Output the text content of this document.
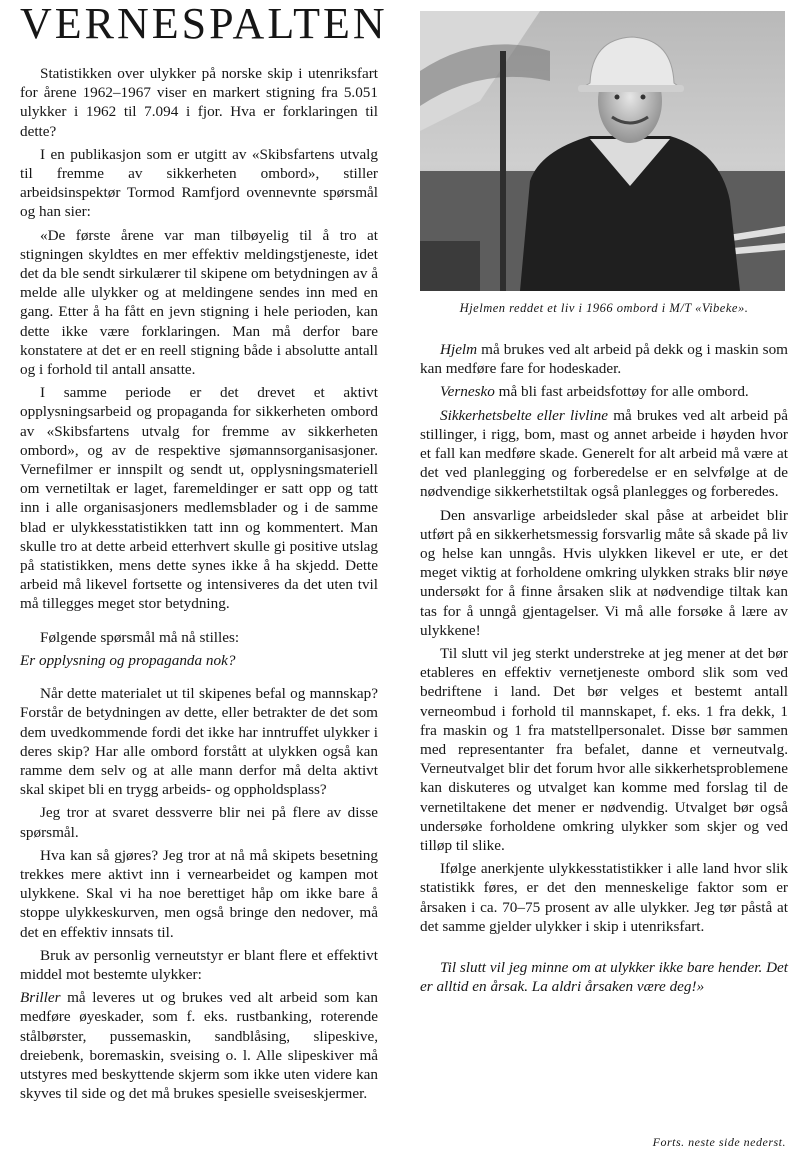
VERNESPALTEN

Statistikken over ulykker på norske skip i utenriksfart for årene 1962–1967 viser en markert stigning fra 5.051 ulykker i 1962 til 7.094 i fjor. Hva er forklaringen til dette?

I en publikasjon som er utgitt av «Skibsfartens utvalg til fremme av sikkerheten ombord», stiller arbeidsinspektør Tormod Ramfjord ovennevnte spørsmål og han sier:

«De første årene var man tilbøyelig til å tro at stigningen skyldtes en mer effektiv meldingstjeneste, idet det da ble sendt sirkulærer til skipene om betydningen av å melde alle ulykker og at meldingene sendes inn med en gang. Etter å ha fått en jevn stigning i hele perioden, kan dette ikke være forklaringen. Man må derfor bare konstatere at det er en reell stigning både i absolutte antall og i forhold til antall ansatte.

I samme periode er det drevet et aktivt opplysningsarbeid og propaganda for sikkerheten ombord av «Skibsfartens utvalg for fremme av sikkerheten ombord», og av de respektive sjømannsorganisasjoner. Vernefilmer er innspilt og sendt ut, opplysningsmateriell om vernetiltak er laget, faremeldinger er satt opp og tatt inn i alle organisasjoners medlemsblader og i de samme blad er ulykkesstatistikken tatt inn og kommentert. Man skulle tro at dette arbeid etterhvert skulle gi positive utslag på statistikken, mens dette synes ikke å ha skjedd. Dette arbeid må likevel fortsette og intensiveres da det uten tvil må tillegges meget stor betydning.

Følgende spørsmål må nå stilles:

Er opplysning og propaganda nok?

Når dette materialet ut til skipenes befal og mannskap? Forstår de betydningen av dette, eller betrakter de det som dem uvedkommende fordi det ikke har inntruffet ulykker i deres skip? Har alle ombord forstått at ulykken også kan ramme dem selv og at alle mann derfor må delta aktivt skal skipet bli en trygg arbeids- og oppholdsplass?

Jeg tror at svaret dessverre blir nei på flere av disse spørsmål.

Hva kan så gjøres? Jeg tror at nå må skipets besetning trekkes mere aktivt inn i vernearbeidet og kampen mot ulykkene. Skal vi ha noe berettiget håp om ikke bare å stoppe ulykkeskurven, men også bringe den nedover, må det en effektiv innsats til.

Bruk av personlig verneutstyr er blant flere et effektivt middel mot bestemte ulykker:

Briller må leveres ut og brukes ved alt arbeid som kan medføre øyeskader, som f. eks. rustbanking, roterende stålbørster, pussemaskin, sandblåsing, slipeskive, dreiebenk, boremaskin, sveising o. l. Alle slipeskiver må utstyres med beskyttende skjerm som ikke uten videre kan skyves til side og det må brukes spesielle sveiseskjermer.

Hjelmen reddet et liv i 1966 ombord i M/T «Vibeke».

Hjelm må brukes ved alt arbeid på dekk og i maskin som kan medføre fare for hodeskader.

Vernesko må bli fast arbeidsfottøy for alle ombord.

Sikkerhetsbelte eller livline må brukes ved alt arbeid på stillinger, i rigg, bom, mast og annet arbeide i høyden hvor et fall kan medføre skade. Generelt for alt arbeid må være at det ved planlegging og forberedelse er en selvfølge at de nødvendige sikkerhetstiltak også planlegges og forberedes.

Den ansvarlige arbeidsleder skal påse at arbeidet blir utført på en sikkerhetsmessig forsvarlig måte så skade på liv og helse kan unngås. Hvis ulykken likevel er ute, er det meget viktig at forholdene omkring ulykken straks blir nøye undersøkt for å finne årsaken slik at nødvendige tiltak kan tas for å unngå gjentagelser. Vi må alle forsøke å lære av ulykkene!

Til slutt vil jeg sterkt understreke at jeg mener at det bør etableres en effektiv vernetjeneste ombord slik som ved bedriftene i land. Det bør velges et bestemt antall verneombud i forhold til mannskapet, f. eks. 1 fra dekk, 1 fra maskin og 1 fra matstellpersonalet. Disse bør sammen med representanter fra befalet, danne et verneutvalg. Verneutvalget blir det forum hvor alle sikkerhetsproblemene kan diskuteres og utvalget kan komme med forslag til de vernetiltakene det mener er nødvendig. Utvalget bør også undersøke forholdene omkring ulykker som skjer og ved tilløp til slike.

Ifølge anerkjente ulykkesstatistikker i alle land hvor slik statistikk føres, er det den menneskelige faktor som er årsaken i ca. 70–75 prosent av alle ulykker. Jeg tør påstå at det samme gjelder ulykker i skip i utenriksfart.

Til slutt vil jeg minne om at ulykker ikke bare hender. Det er alltid en årsak. La aldri årsaken være deg!»

Forts. neste side nederst.
